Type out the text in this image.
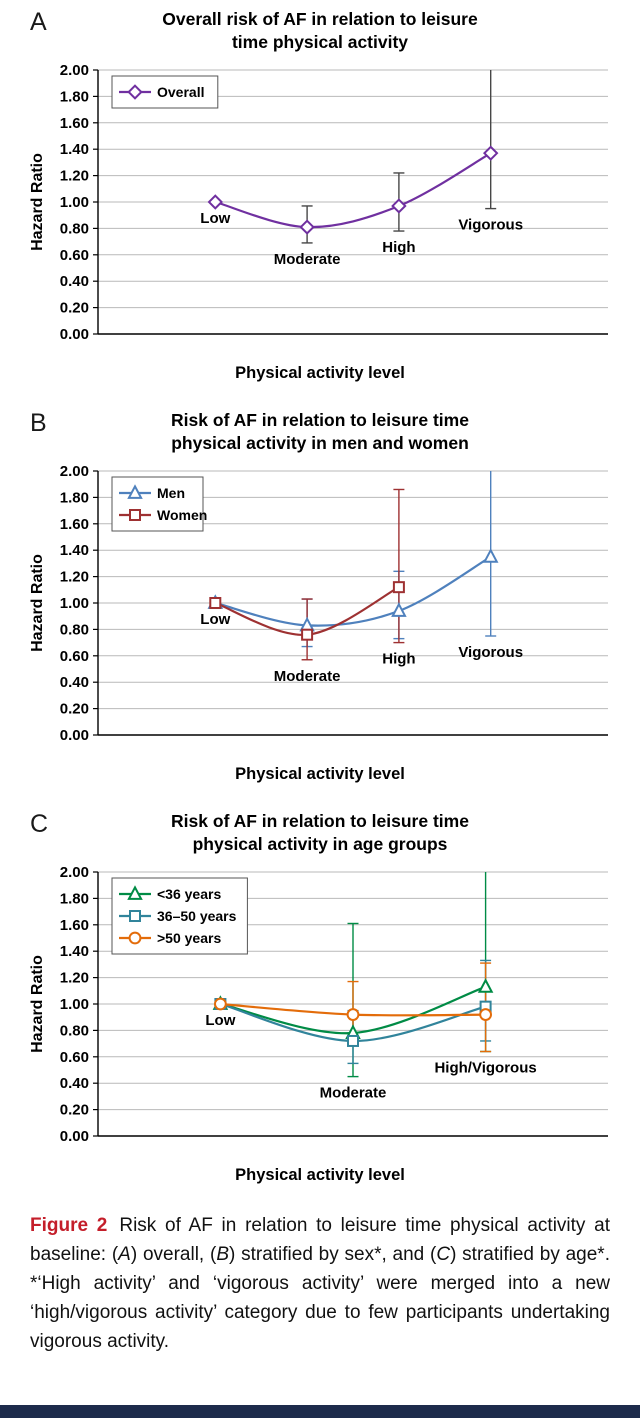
A	Overall risk of AF in relation to leisure
time physical activity
0.00
0.20
0.40
0.60
0.80
1.00
1.20
1.40
1.60
1.80
2.00
Hazard Ratio	Low
Moderate
High
Vigorous
Overall
Physical activity level
B	Risk of AF in relation to leisure time
physical activity in men and women
0.00
0.20
0.40
0.60
0.80
1.00
1.20
1.40
1.60
1.80
2.00
Hazard Ratio	Low
Moderate
High	Vigorous
Men
Women
Physical activity level
C	Risk of AF in relation to leisure time
physical activity in age groups
0.00
0.20
0.40
0.60
0.80
1.00
1.20
1.40
1.60
1.80
2.00
Hazard Ratio	Low
Moderate
High/Vigorous
<36 years
36–50 years
>50 years
Physical activity level
Figure 2 Risk of AF in relation to leisure time physical activity at baseline: (A) overall, (B) stratified by sex*, and (C) stratified by age*. *‘High activity’ and ‘vigorous activity’ were merged into a new ‘high/vigorous activity’ category due to few participants undertaking vigorous activity.
